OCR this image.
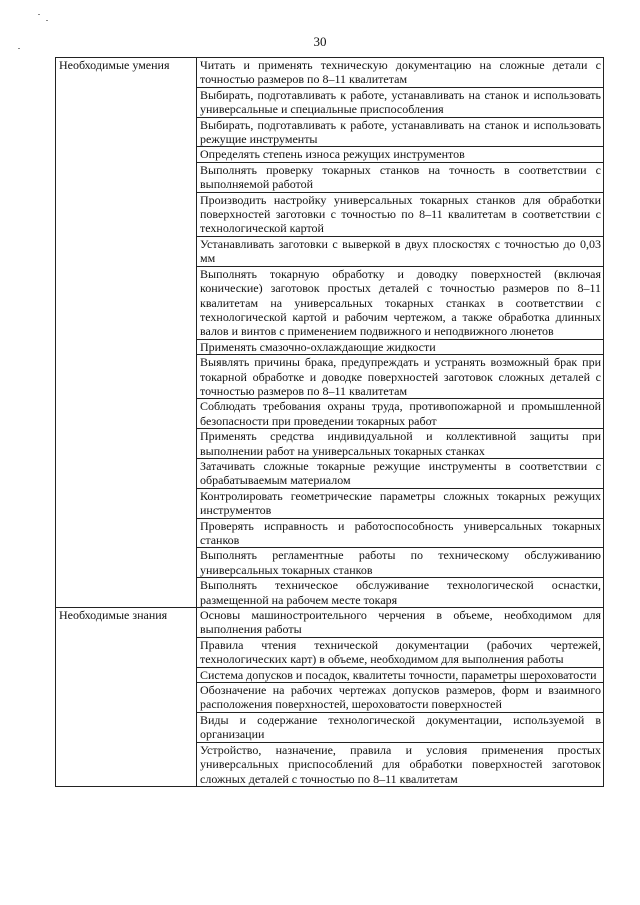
30
Необходимые умения	Читать и применять техническую документацию на сложные детали с точностью размеров по 8–11 квалитетам
	Выбирать, подготавливать к работе, устанавливать на станок и использовать универсальные и специальные приспособления
	Выбирать, подготавливать к работе, устанавливать на станок и использовать режущие инструменты
	Определять степень износа режущих инструментов
	Выполнять проверку токарных станков на точность в соответствии с выполняемой работой
	Производить настройку универсальных токарных станков для обработки поверхностей заготовки с точностью по 8–11 квалитетам в соответствии с технологической картой
	Устанавливать заготовки с выверкой в двух плоскостях с точностью до 0,03 мм
	Выполнять токарную обработку и доводку поверхностей (включая конические) заготовок простых деталей с точностью размеров по 8–11 квалитетам на универсальных токарных станках в соответствии с технологической картой и рабочим чертежом, а также обработка длинных валов и винтов с применением подвижного и неподвижного люнетов
	Применять смазочно-охлаждающие жидкости
	Выявлять причины брака, предупреждать и устранять возможный брак при токарной обработке и доводке поверхностей заготовок сложных деталей с точностью размеров по 8–11 квалитетам
	Соблюдать требования охраны труда, противопожарной и промышленной безопасности при проведении токарных работ
	Применять средства индивидуальной и коллективной защиты при выполнении работ на универсальных токарных станках
	Затачивать сложные токарные режущие инструменты в соответствии с обрабатываемым материалом
	Контролировать геометрические параметры сложных токарных режущих инструментов
	Проверять исправность и работоспособность универсальных токарных станков
	Выполнять регламентные работы по техническому обслуживанию универсальных токарных станков
	Выполнять техническое обслуживание технологической оснастки, размещенной на рабочем месте токаря
Необходимые знания	Основы машиностроительного черчения в объеме, необходимом для выполнения работы
	Правила чтения технической документации (рабочих чертежей, технологических карт) в объеме, необходимом для выполнения работы
	Система допусков и посадок, квалитеты точности, параметры шероховатости
	Обозначение на рабочих чертежах допусков размеров, форм и взаимного расположения поверхностей, шероховатости поверхностей
	Виды и содержание технологической документации, используемой в организации
	Устройство, назначение, правила и условия применения простых универсальных приспособлений для обработки поверхностей заготовок сложных деталей с точностью по 8–11 квалитетам
